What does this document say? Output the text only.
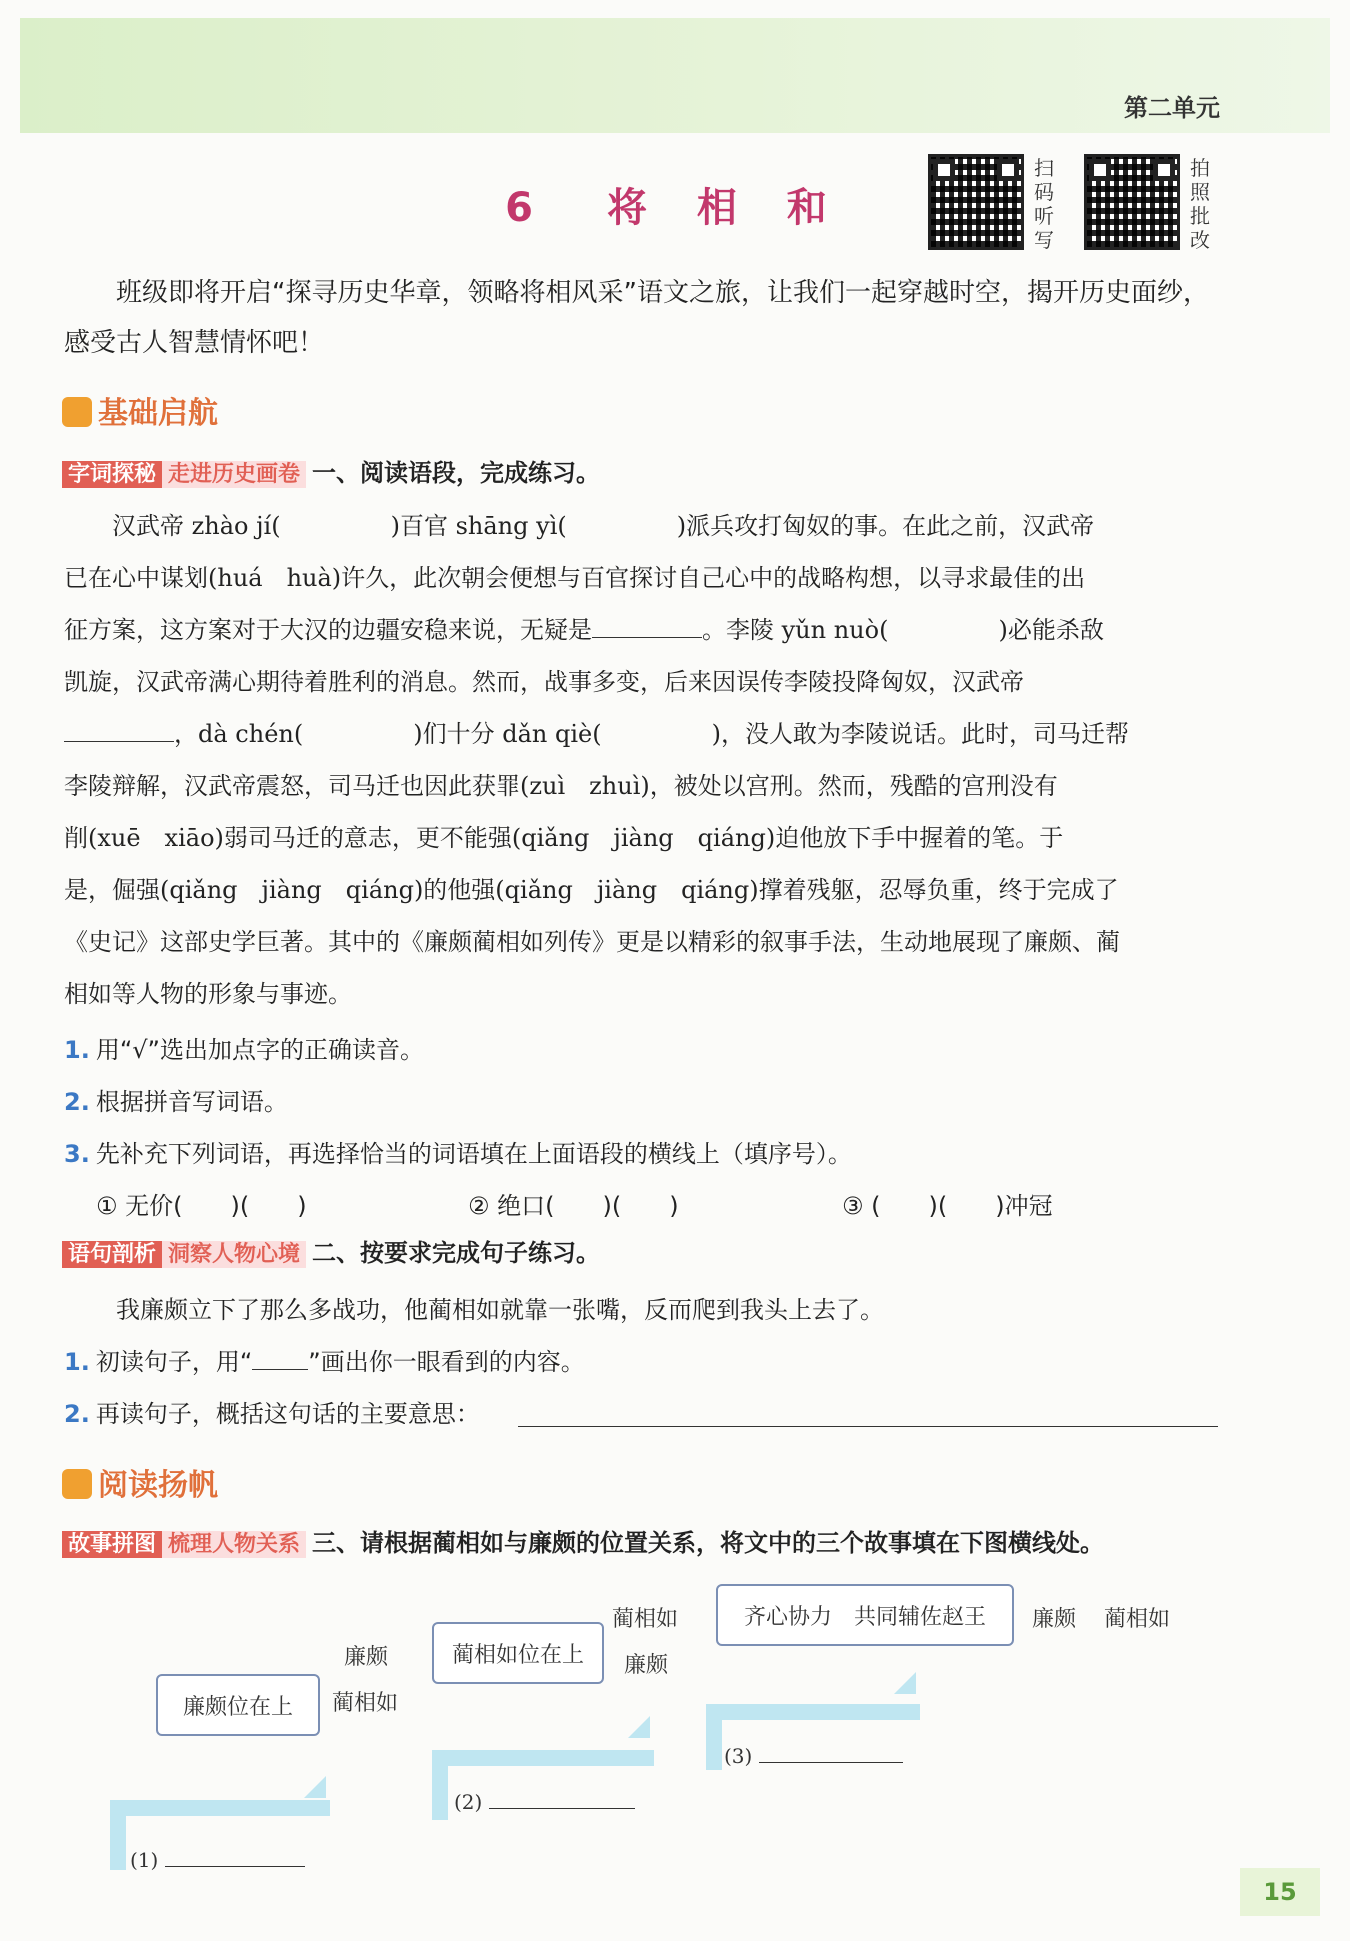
第二单元
6 将 相 和
扫码听写
拍照批改
班级即将开启“探寻历史华章，领略将相风采”语文之旅，让我们一起穿越时空，揭开历史面纱，感受古人智慧情怀吧！
基础启航
字词探秘 走进历史画卷 一、阅读语段，完成练习。
汉武帝 zhào jí(	)百官 shāng yì(	)派兵攻打匈奴的事。在此之前，汉武帝
已在心中谋划(huá　huà)许久，此次朝会便想与百官探讨自己心中的战略构想，以寻求最佳的出
征方案，这方案对于大汉的边疆安稳来说，无疑是	。李陵 yǔn nuò(	)必能杀敌
凯旋，汉武帝满心期待着胜利的消息。然而，战事多变，后来因误传李陵投降匈奴，汉武帝
，dà chén(	)们十分 dǎn qiè(	)，没人敢为李陵说话。此时，司马迁帮
李陵辩解，汉武帝震怒，司马迁也因此获罪(zuì　zhuì)，被处以宫刑。然而，残酷的宫刑没有
削(xuē　xiāo)弱司马迁的意志，更不能强(qiǎng　jiàng　qiáng)迫他放下手中握着的笔。于
是，倔强(qiǎng　jiàng　qiáng)的他强(qiǎng　jiàng　qiáng)撑着残躯，忍辱负重，终于完成了
《史记》这部史学巨著。其中的《廉颇蔺相如列传》更是以精彩的叙事手法，生动地展现了廉颇、蔺
相如等人物的形象与事迹。
1. 用“√”选出加点字的正确读音。
2. 根据拼音写词语。
3. 先补充下列词语，再选择恰当的词语填在上面语段的横线上（填序号）。
① 无价(　　)(　　)	② 绝口(　　)(　　)	③ (　　)(　　)冲冠
语句剖析 洞察人物心境 二、按要求完成句子练习。
我廉颇立下了那么多战功，他蔺相如就靠一张嘴，反而爬到我头上去了。
1. 初读句子，用“ ”画出你一眼看到的内容。
2. 再读句子，概括这句话的主要意思：
阅读扬帆
故事拼图 梳理人物关系 三、请根据蔺相如与廉颇的位置关系，将文中的三个故事填在下图横线处。
廉颇位在上
蔺相如位在上
齐心协力　共同辅佐赵王
廉颇
蔺相如
蔺相如
廉颇
廉颇 蔺相如
(1)
(2)
(3)
15
